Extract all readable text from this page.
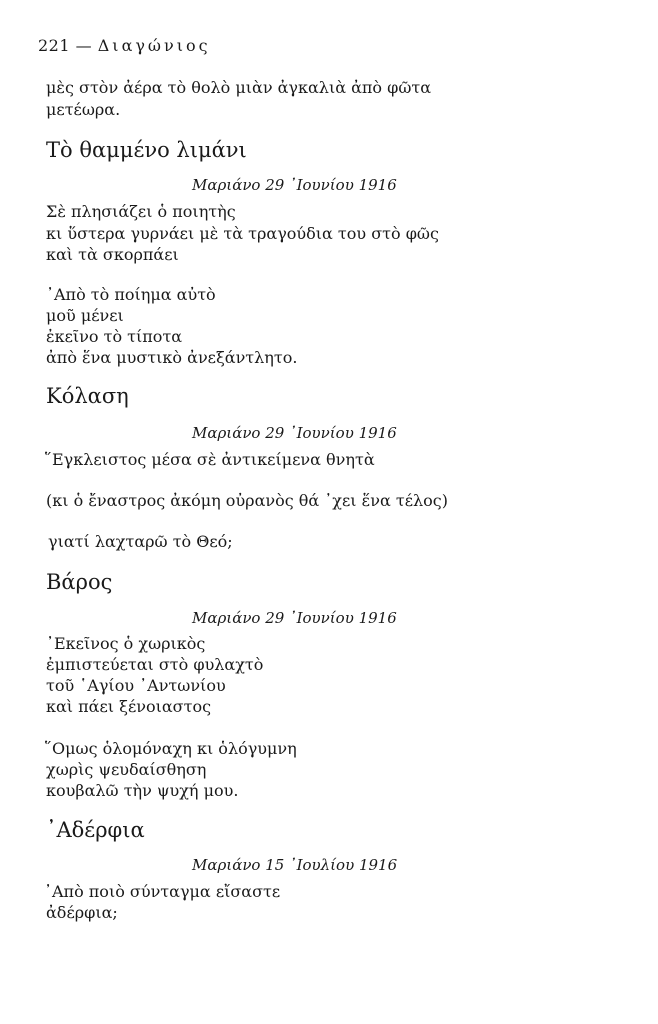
221 — Διαγώνιος
μὲς στὸν ἀέρα τὸ θολὸ μιὰν ἀγκαλιὰ ἀπὸ φῶτα
μετέωρα.
Τὸ θαμμένο λιμάνι
Μαριάνο 29 ᾿Ιουνίου 1916
Σὲ πλησιάζει ὁ ποιητὴς
κι ὕστερα γυρνάει μὲ τὰ τραγούδια του στὸ φῶς
καὶ τὰ σκορπάει
᾿Απὸ τὸ ποίημα αὐτὸ
μοῦ μένει
ἐκεῖνο τὸ τίποτα
ἀπὸ ἕνα μυστικὸ ἀνεξάντλητο.
Κόλαση
Μαριάνο 29 ᾿Ιουνίου 1916
῞Εγκλειστος μέσα σὲ ἀντικείμενα θνητὰ
(κι ὁ ἔναστρος ἀκόμη οὐρανὸς θά ᾿χει ἕνα τέλος)
γιατί λαχταρῶ τὸ Θεό;
Βάρος
Μαριάνο 29 ᾿Ιουνίου 1916
᾿Εκεῖνος ὁ χωρικὸς
ἐμπιστεύεται στὸ φυλαχτὸ
τοῦ ῾Αγίου ᾿Αντωνίου
καὶ πάει ξένοιαστος
῞Ομως ὁλομόναχη κι ὁλόγυμνη
χωρὶς ψευδαίσθηση
κουβαλῶ τὴν ψυχή μου.
᾿Αδέρφια
Μαριάνο 15 ᾿Ιουλίου 1916
᾿Απὸ ποιὸ σύνταγμα εἴσαστε
ἀδέρφια;
